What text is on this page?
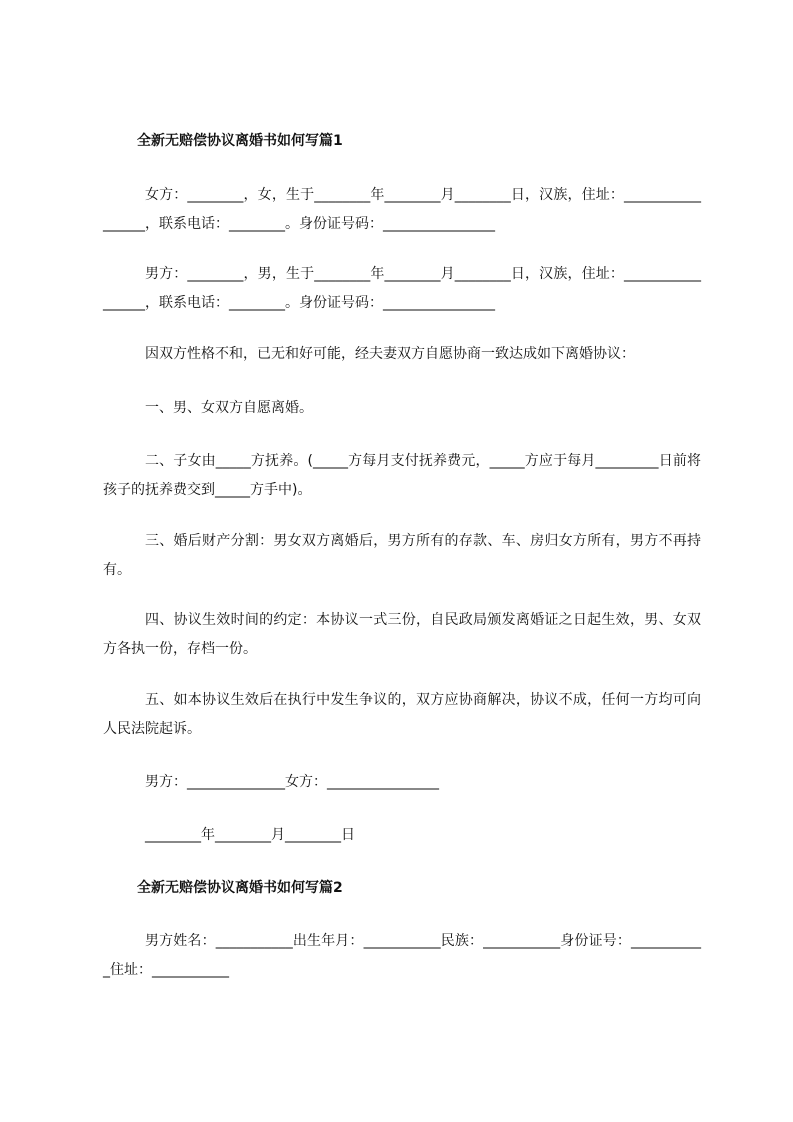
全新无赔偿协议离婚书如何写篇1

女方：________，女，生于________年________月________日，汉族，住址：_________________，联系电话：________。身份证号码：________________

男方：________，男，生于________年________月________日，汉族，住址：_________________，联系电话：________。身份证号码：________________

因双方性格不和，已无和好可能，经夫妻双方自愿协商一致达成如下离婚协议：

一、男、女双方自愿离婚。

二、子女由_____方抚养。(_____方每月支付抚养费元，_____方应于每月_________日前将孩子的抚养费交到_____方手中)。

三、婚后财产分割：男女双方离婚后，男方所有的存款、车、房归女方所有，男方不再持有。

四、协议生效时间的约定：本协议一式三份，自民政局颁发离婚证之日起生效，男、女双方各执一份，存档一份。

五、如本协议生效后在执行中发生争议的，双方应协商解决，协议不成，任何一方均可向人民法院起诉。

男方：______________女方：________________

________年________月________日

全新无赔偿协议离婚书如何写篇2

男方姓名：___________出生年月：___________民族：___________身份证号：___________住址：___________
